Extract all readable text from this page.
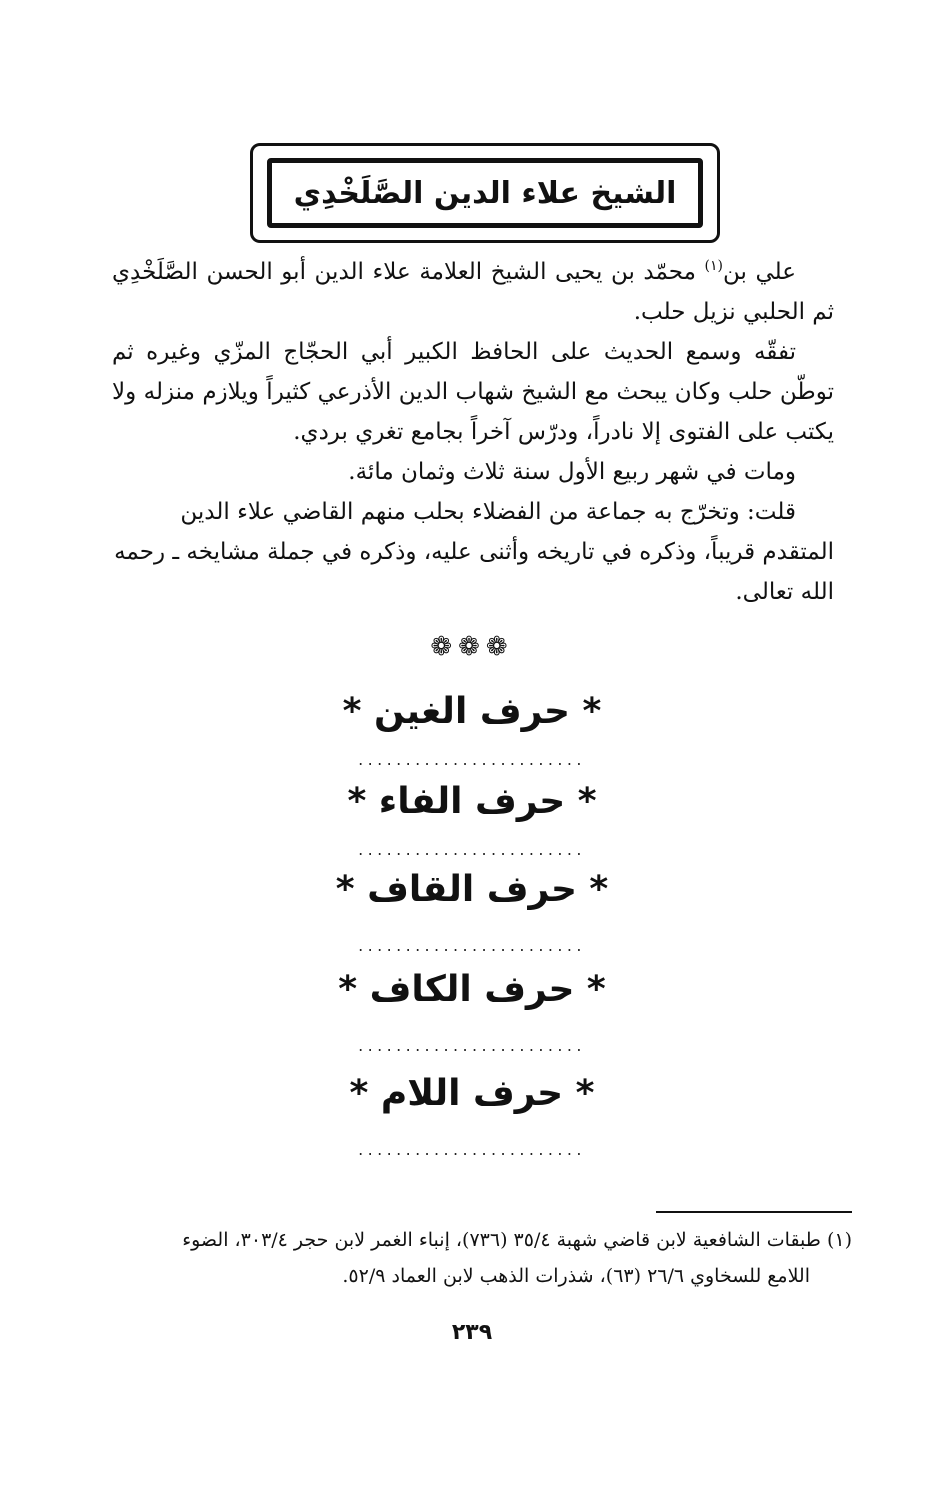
الشيخ علاء الدين الصَّلَخْدِي

علي بن$^{(١)}$ محمّد بن يحيى الشيخ العلامة علاء الدين أبو الحسن الصَّلَخْدِي ثم الحلبي نزيل حلب.

تفقّه وسمع الحديث على الحافظ الكبير أبي الحجّاج المزّي وغيره ثم توطّن حلب وكان يبحث مع الشيخ شهاب الدين الأذرعي كثيراً ويلازم منزله ولا يكتب على الفتوى إلا نادراً، ودرّس آخراً بجامع تغري بردي.

ومات في شهر ربيع الأول سنة ثلاث وثمان مائة.

قلت: وتخرّج به جماعة من الفضلاء بحلب منهم القاضي علاء الدين المتقدم قريباً، وذكره في تاريخه وأثنى عليه، وذكره في جملة مشايخه ـ رحمه الله تعالى.

❁❁❁
* حرف الغين *
........................
* حرف الفاء *
........................
* حرف القاف *
........................
* حرف الكاف *
........................
* حرف اللام *
........................

(١) طبقات الشافعية لابن قاضي شهبة ٣٥/٤ (٧٣٦)، إنباء الغمر لابن حجر ٣٠٣/٤، الضوء

اللامع للسخاوي ٢٦/٦ (٦٣)، شذرات الذهب لابن العماد ٥٢/٩.

٢٣٩
